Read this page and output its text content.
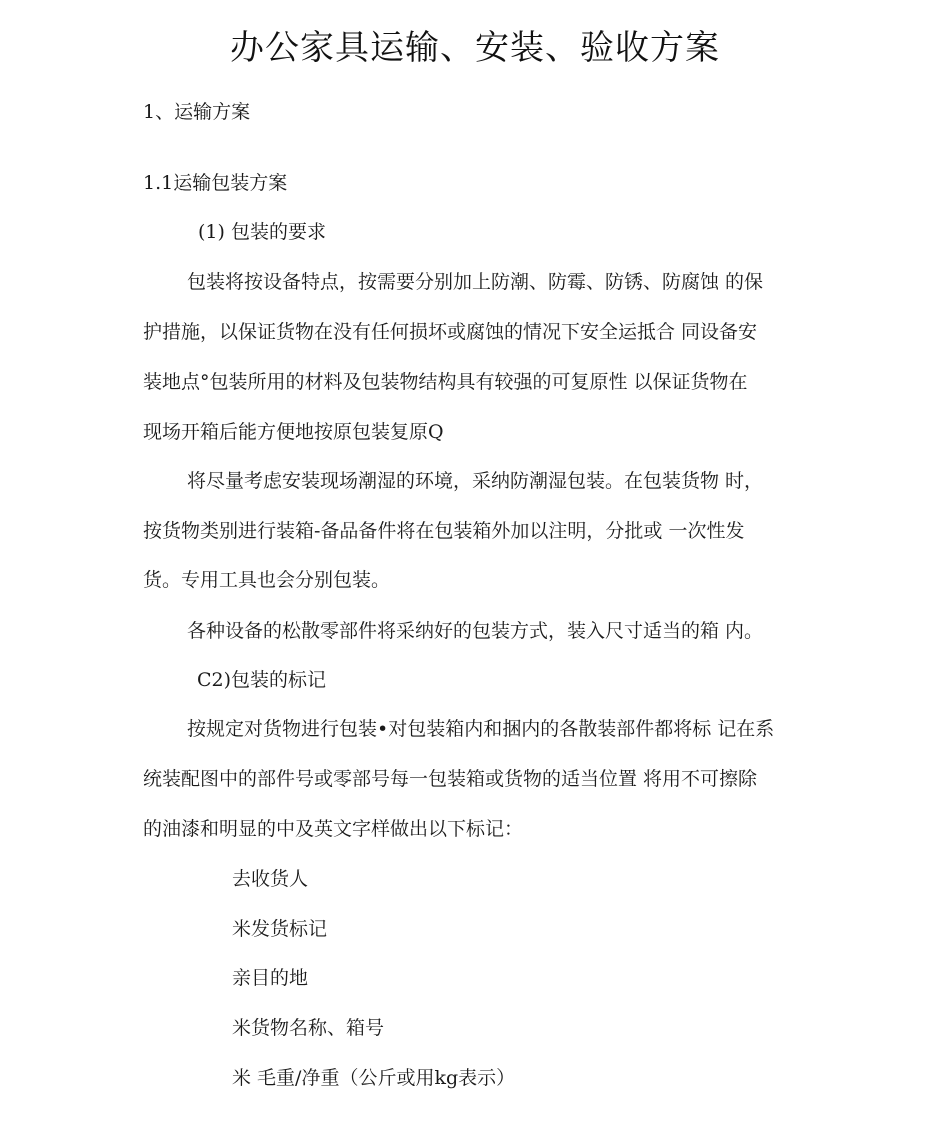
办公家具运输、安装、验收方案
1、运输方案
1.1运输包装方案
(1) 包装的要求
包装将按设备特点，按需要分别加上防潮、防霉、防锈、防腐蚀 的保
护措施，以保证货物在没有任何损坏或腐蚀的情况下安全运抵合 同设备安
装地点°包装所用的材料及包装物结构具有较强的可复原性 以保证货物在
现场开箱后能方便地按原包装复原Q
将尽量考虑安装现场潮湿的环境，采纳防潮湿包装。在包装货物 时，
按货物类别进行装箱-备品备件将在包装箱外加以注明，分批或 一次性发
货。专用工具也会分别包装。
各种设备的松散零部件将采纳好的包装方式，装入尺寸适当的箱 内。
C2)包装的标记
按规定对货物进行包装•对包装箱内和捆内的各散装部件都将标 记在系
统装配图中的部件号或零部号每一包装箱或货物的适当位置 将用不可擦除
的油漆和明显的中及英文字样做出以下标记：
去收货人
米发货标记
亲目的地
米货物名称、箱号
米 毛重/净重（公斤或用kg表示）
